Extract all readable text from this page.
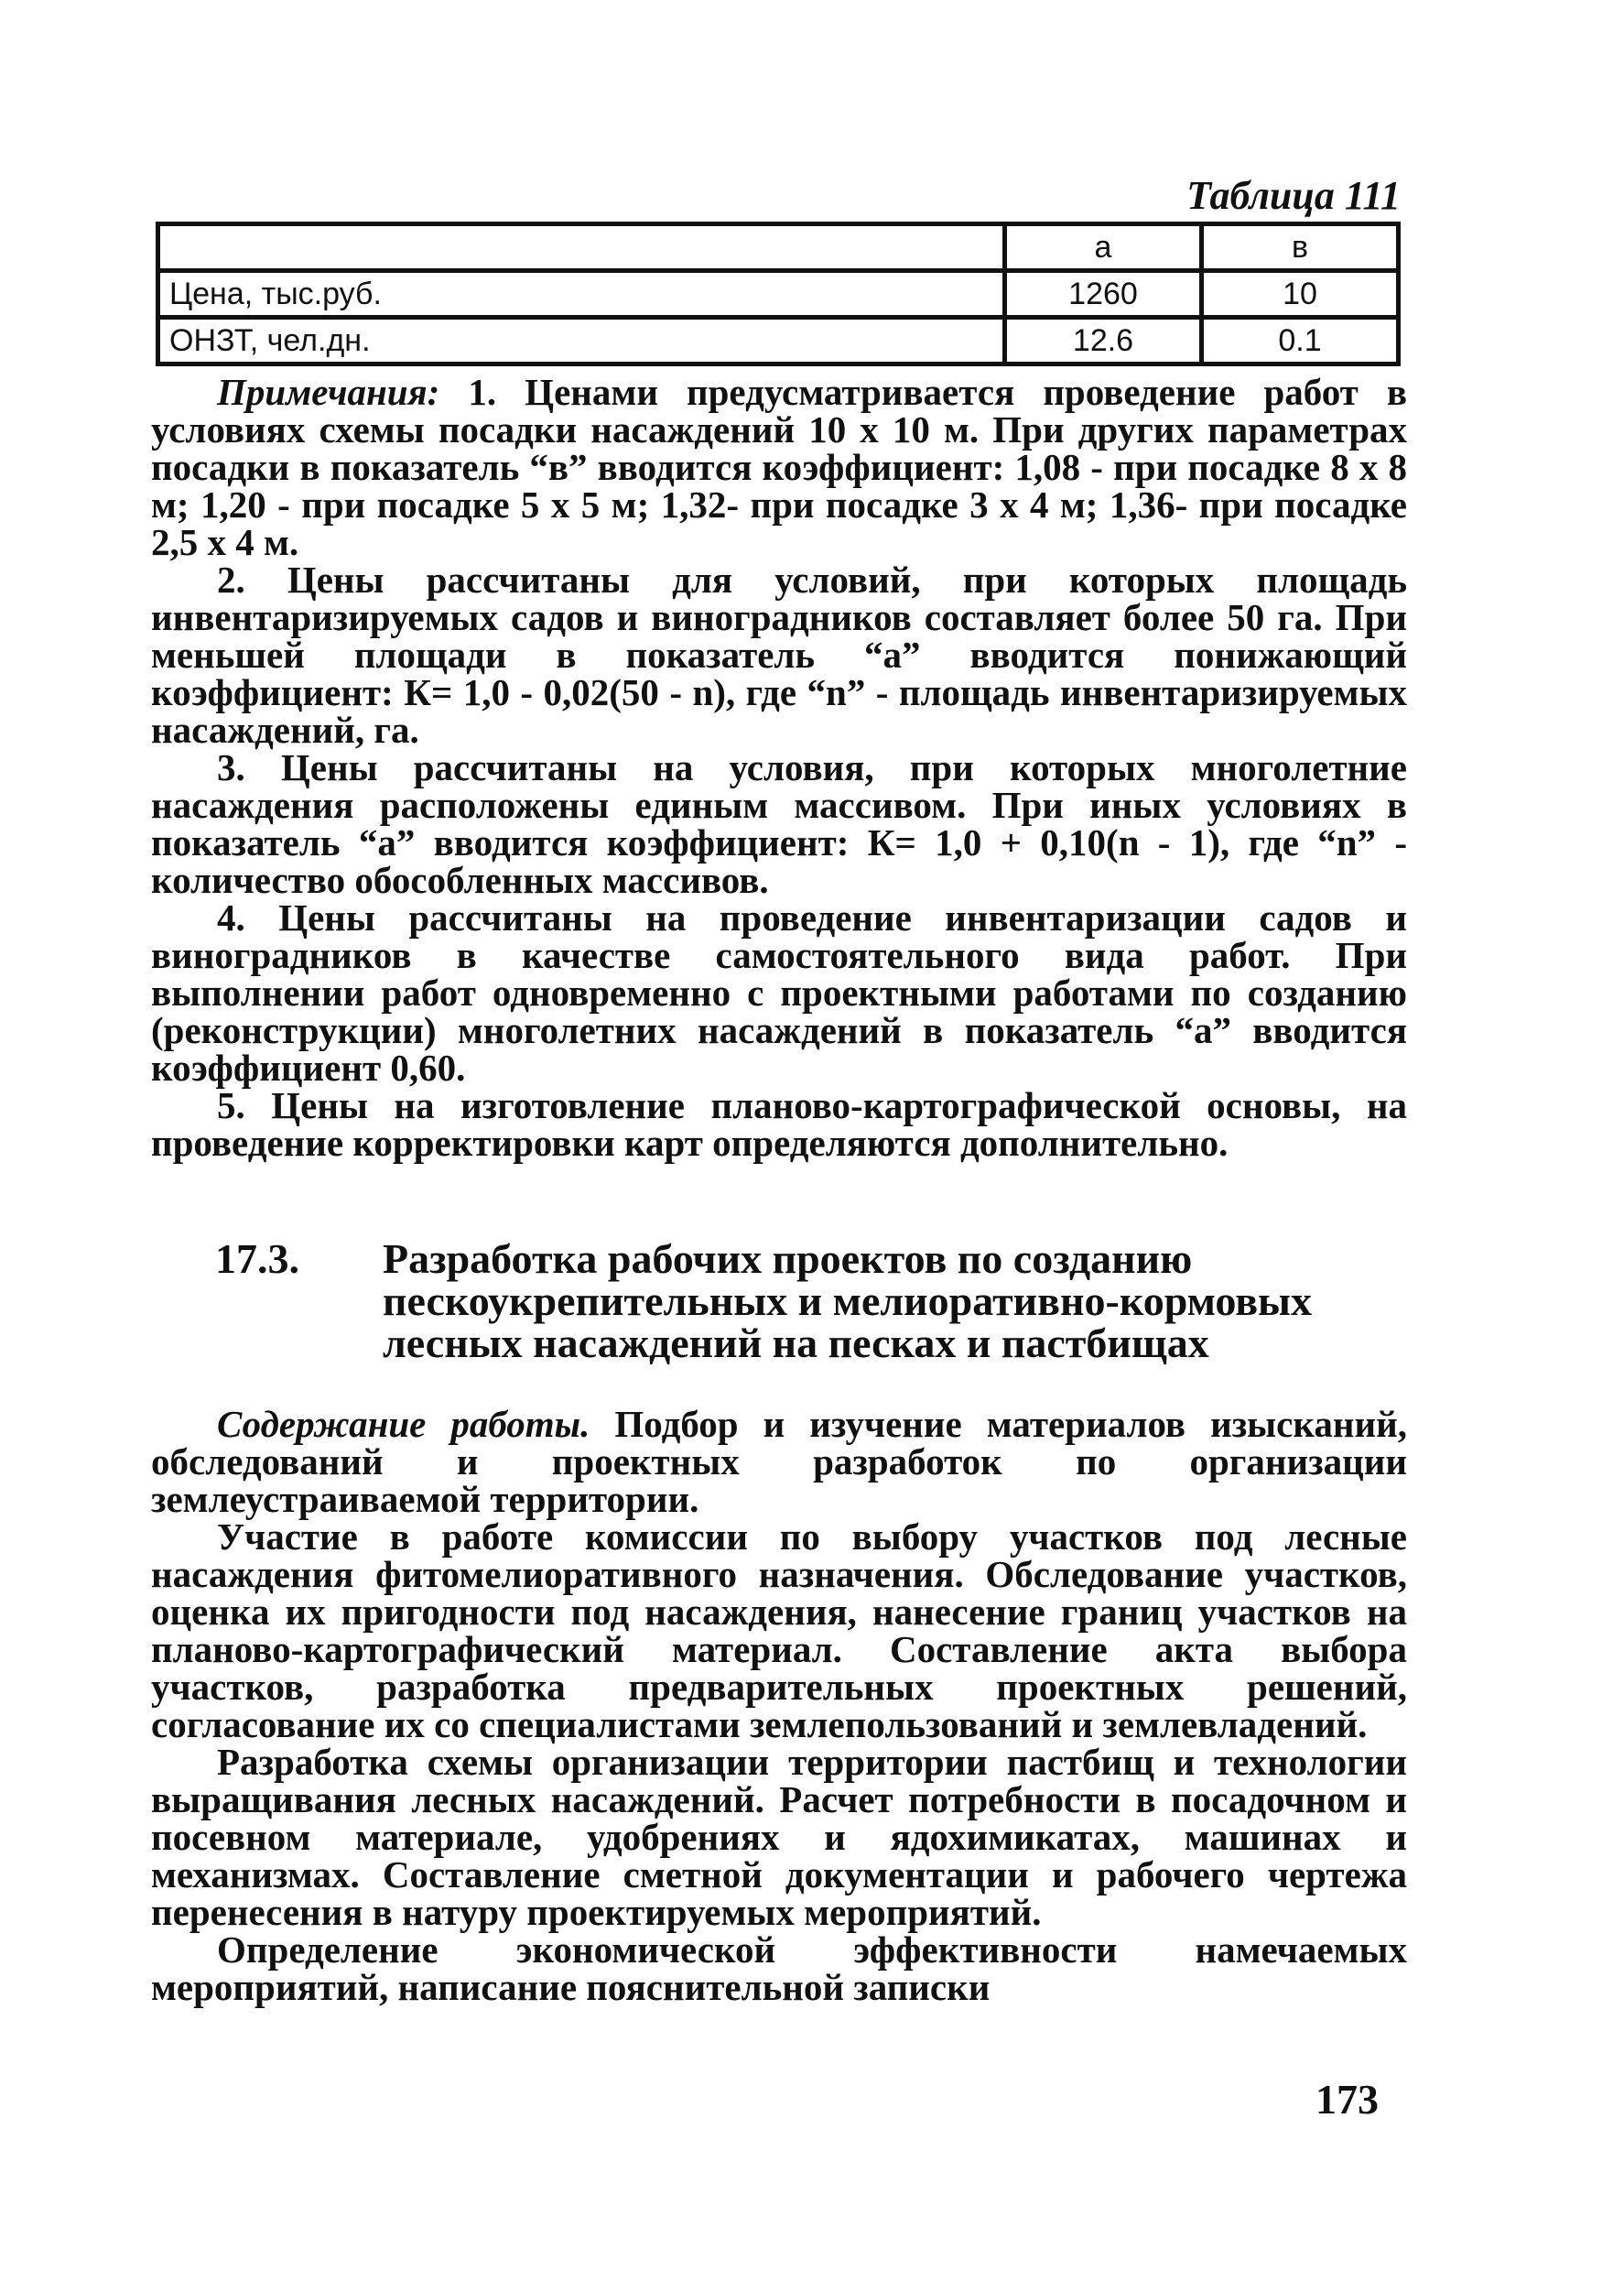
Таблица 111
	а	в
Цена, тыс.руб.	1260	10
ОНЗТ, чел.дн.	12.6	0.1

Примечания: 1. Ценами предусматривается проведение работ в условиях схемы посадки насаждений 10 х 10 м. При других параметрах посадки в показатель “в” вводится коэффициент: 1,08 - при посадке 8 х 8 м; 1,20 - при посадке 5 х 5 м; 1,32- при посадке 3 х 4 м; 1,36- при посадке 2,5 х 4 м.

2. Цены рассчитаны для условий, при которых площадь инвентаризируемых садов и виноградников составляет более 50 га. При меньшей площади в показатель “а” вводится понижающий коэффициент: К= 1,0 - 0,02(50 - n), где “n” - площадь инвентаризируемых насаждений, га.

3. Цены рассчитаны на условия, при которых многолетние насаждения расположены единым массивом. При иных условиях в показатель “а” вводится коэффициент: К= 1,0 + 0,10(n - 1), где “n” - количество обособленных массивов.

4. Цены рассчитаны на проведение инвентаризации садов и виноградников в качестве самостоятельного вида работ. При выполнении работ одновременно с проектными работами по созданию (реконструкции) многолетних насаждений в показатель “а” вводится коэффициент 0,60.

5. Цены на изготовление планово-картографической основы, на проведение корректировки карт определяются дополнительно.

17.3.	Разработка рабочих проектов по созданию пескоукрепительных и мелиоративно-кормовых лесных насаждений на песках и пастбищах

Содержание работы. Подбор и изучение материалов изысканий, обследований и проектных разработок по организации землеустраиваемой территории.

Участие в работе комиссии по выбору участков под лесные насаждения фитомелиоративного назначения. Обследование участков, оценка их пригодности под насаждения, нанесение границ участков на планово-картографический материал. Составление акта выбора участков, разработка предварительных проектных решений, согласование их со специалистами землепользований и землевладений.

Разработка схемы организации территории пастбищ и технологии выращивания лесных насаждений. Расчет потребности в посадочном и посевном материале, удобрениях и ядохимикатах, машинах и механизмах. Составление сметной документации и рабочего чертежа перенесения в натуру проектируемых мероприятий.

Определение экономической эффективности намечаемых мероприятий, написание пояснительной записки

173
